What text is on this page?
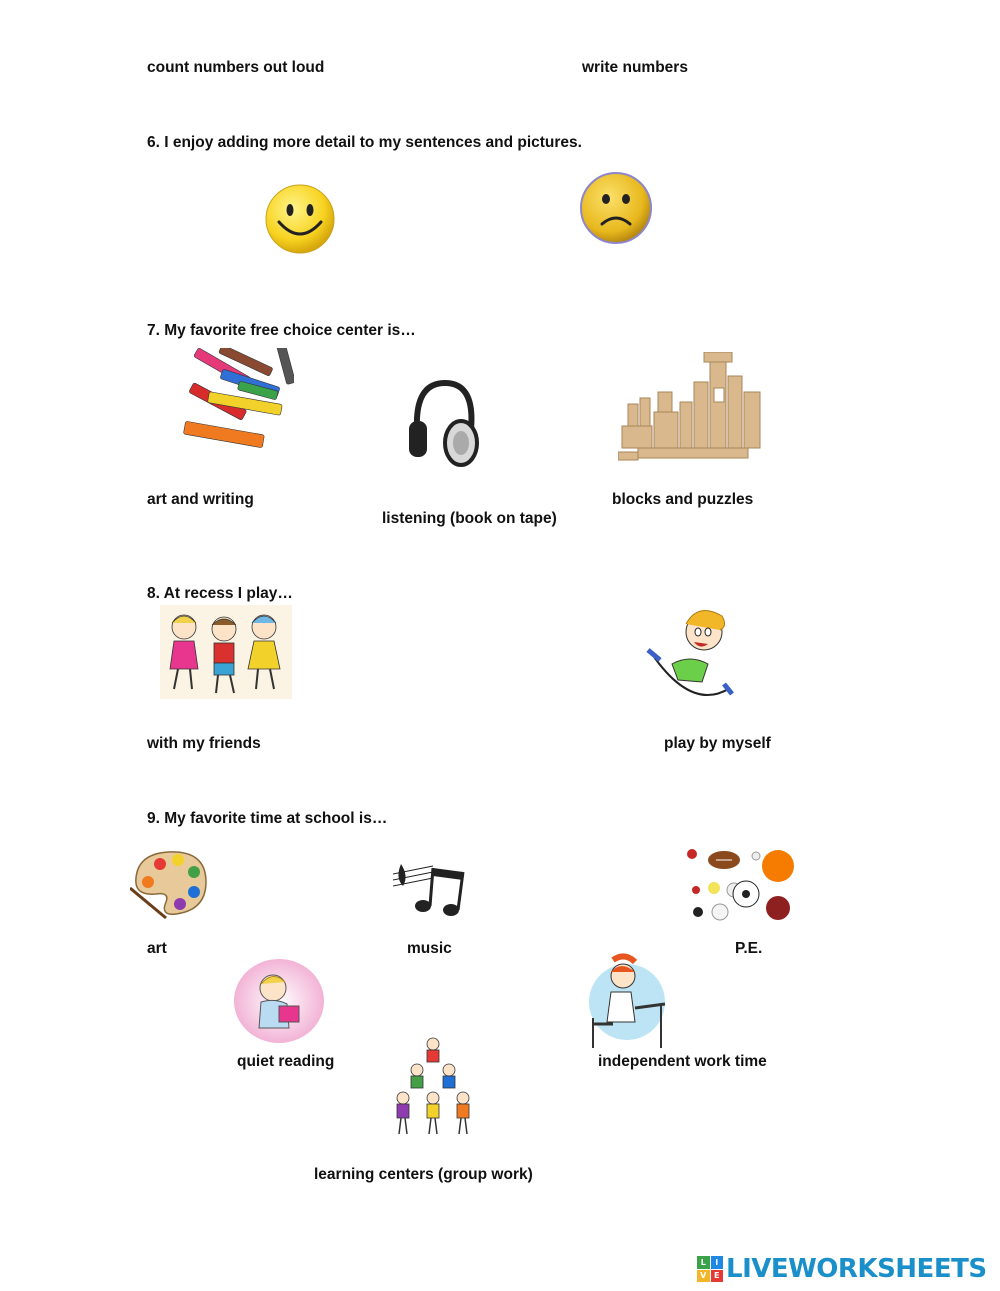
count numbers out loud	write numbers
6. I enjoy adding more detail to my sentences and pictures.
7. My favorite free choice center is…
art and writing
listening (book on tape)
blocks and puzzles
8. At recess I play…
with my friends	play by myself
9. My favorite time at school is…
art	music	P.E.
quiet reading	independent work time
learning centers (group work)
L	I
V E LIVEWORKSHEETS
